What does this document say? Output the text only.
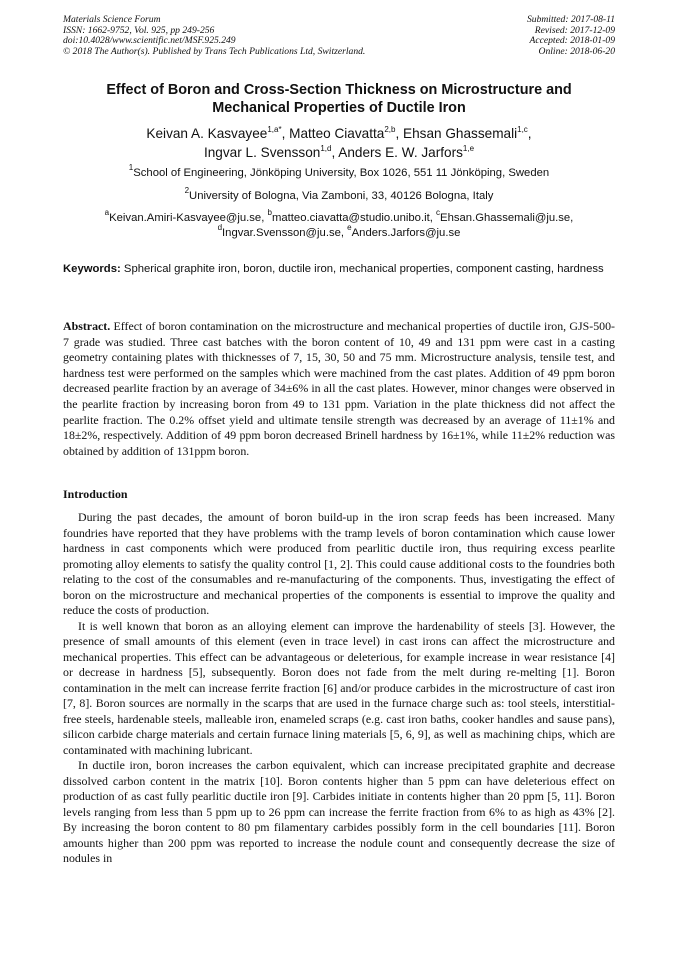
Materials Science Forum
ISSN: 1662-9752, Vol. 925, pp 249-256
doi:10.4028/www.scientific.net/MSF.925.249
© 2018 The Author(s). Published by Trans Tech Publications Ltd, Switzerland.
Submitted: 2017-08-11
Revised: 2017-12-09
Accepted: 2018-01-09
Online: 2018-06-20
Effect of Boron and Cross-Section Thickness on Microstructure and
Mechanical Properties of Ductile Iron
Keivan A. Kasvayee$^{1,a*}$, Matteo Ciavatta$^{2,b}$, Ehsan Ghassemali$^{1,c}$,
Ingvar L. Svensson$^{1,d}$, Anders E. W. Jarfors$^{1,e}$
$^1$School of Engineering, Jönköping University, Box 1026, 551 11 Jönköping, Sweden
$^2$University of Bologna, Via Zamboni, 33, 40126 Bologna, Italy
$^a$Keivan.Amiri-Kasvayee@ju.se, $^b$matteo.ciavatta@studio.unibo.it, $^c$Ehsan.Ghassemali@ju.se,
$^d$Ingvar.Svensson@ju.se, $^e$Anders.Jarfors@ju.se
Keywords: Spherical graphite iron, boron, ductile iron, mechanical properties, component casting, hardness
Abstract. Effect of boron contamination on the microstructure and mechanical properties of ductile iron, GJS-500-7 grade was studied. Three cast batches with the boron content of 10, 49 and 131 ppm were cast in a casting geometry containing plates with thicknesses of 7, 15, 30, 50 and 75 mm. Microstructure analysis, tensile test, and hardness test were performed on the samples which were machined from the cast plates. Addition of 49 ppm boron decreased pearlite fraction by an average of 34±6% in all the cast plates. However, minor changes were observed in the pearlite fraction by increasing boron from 49 to 131 ppm. Variation in the plate thickness did not affect the pearlite fraction. The 0.2% offset yield and ultimate tensile strength was decreased by an average of 11±1% and 18±2%, respectively. Addition of 49 ppm boron decreased Brinell hardness by 16±1%, while 11±2% reduction was obtained by addition of 131ppm boron.
Introduction

During the past decades, the amount of boron build-up in the iron scrap feeds has been increased. Many foundries have reported that they have problems with the tramp levels of boron contamination which cause lower hardness in cast components which were produced from pearlitic ductile iron, thus requiring excess pearlite promoting alloy elements to satisfy the quality control [1, 2]. This could cause additional costs to the foundries both relating to the cost of the consumables and re-manufacturing of the components. Thus, investigating the effect of boron on the microstructure and mechanical properties of the components is essential to improve the quality and reduce the costs of production.

It is well known that boron as an alloying element can improve the hardenability of steels [3]. However, the presence of small amounts of this element (even in trace level) in cast irons can affect the microstructure and mechanical properties. This effect can be advantageous or deleterious, for example increase in wear resistance [4] or decrease in hardness [5], subsequently. Boron does not fade from the melt during re-melting [1]. Boron contamination in the melt can increase ferrite fraction [6] and/or produce carbides in the microstructure of cast iron [7, 8]. Boron sources are normally in the scarps that are used in the furnace charge such as: tool steels, interstitial-free steels, hardenable steels, malleable iron, enameled scraps (e.g. cast iron baths, cooker handles and sause pans), silicon carbide charge materials and certain furnace lining materials [5, 6, 9], as well as machining chips, which are contaminated with machining lubricant.

In ductile iron, boron increases the carbon equivalent, which can increase precipitated graphite and decrease dissolved carbon content in the matrix [10]. Boron contents higher than 5 ppm can have deleterious effect on production of as cast fully pearlitic ductile iron [9]. Carbides initiate in contents higher than 20 ppm [5, 11]. Boron levels ranging from less than 5 ppm up to 26 ppm can increase the ferrite fraction from 6% to as high as 43% [2]. By increasing the boron content to 80 pm filamentary carbides possibly form in the cell boundaries [11]. Boron amounts higher than 200 ppm was reported to increase the nodule count and consequently decrease the size of nodules in
